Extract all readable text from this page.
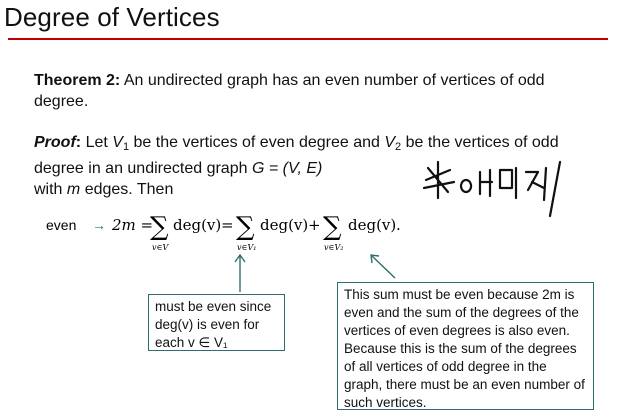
Degree of Vertices
Theorem 2: An undirected graph has an even number of vertices of odd degree.
Proof: Let $V_1$ be the vertices of even degree and $V_2$ be the vertices of odd degree in an undirected graph G = (V, E)
with m edges. Then
even → 2m =
∑
v∈V
deg(v) = ∑
v∈V₁
deg(v) + ∑
v∈V₂
deg(v) .
must be even since
deg(v) is even for
each v ∈ V₁
This sum must be even because 2m is even and the sum of the degrees of the vertices of even degrees is also even. Because this is the sum of the degrees of all vertices of odd degree in the graph, there must be an even number of such vertices.
